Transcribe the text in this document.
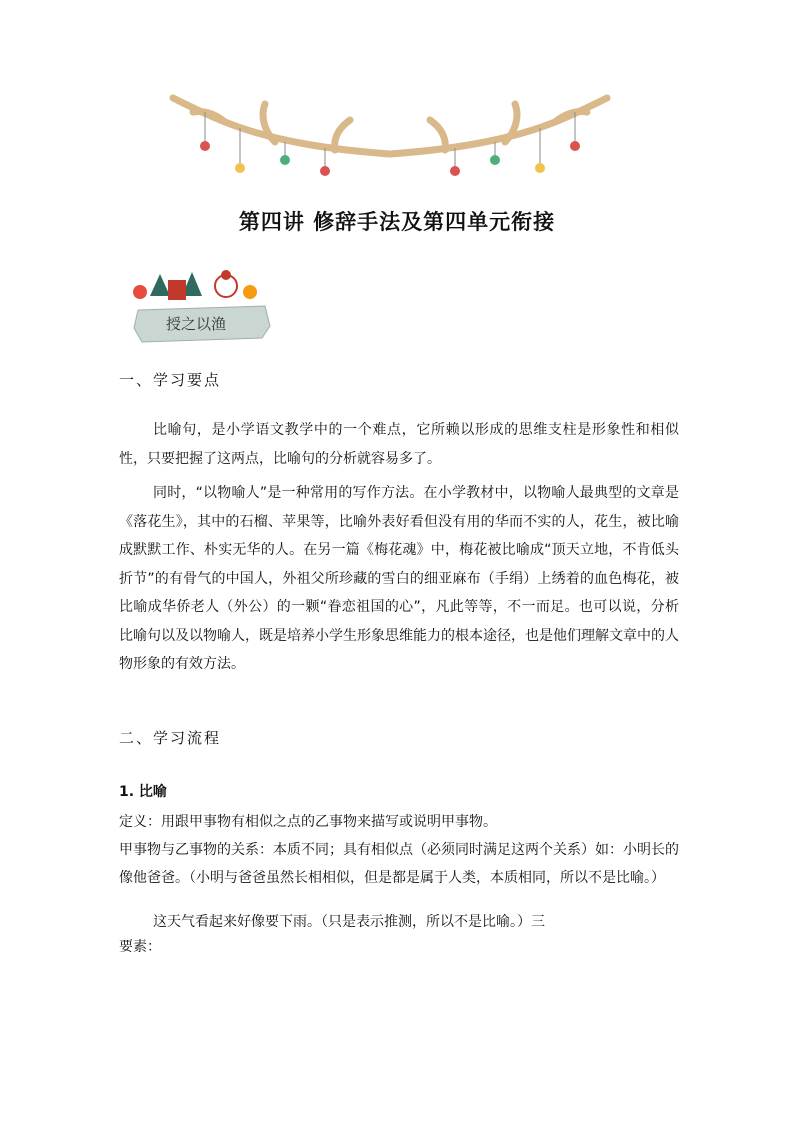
第四讲 修辞手法及第四单元衔接
授之以渔
一、学习要点

比喻句，是小学语文教学中的一个难点，它所赖以形成的思维支柱是形象性和相似性，只要把握了这两点，比喻句的分析就容易多了。

同时，“以物喻人”是一种常用的写作方法。在小学教材中，以物喻人最典型的文章是《落花生》，其中的石榴、苹果等，比喻外表好看但没有用的华而不实的人，花生，被比喻成默默工作、朴实无华的人。在另一篇《梅花魂》中，梅花被比喻成“顶天立地，不肯低头折节”的有骨气的中国人，外祖父所珍藏的雪白的细亚麻布（手绢）上绣着的血色梅花，被比喻成华侨老人（外公）的一颗“眷恋祖国的心”，凡此等等，不一而足。也可以说，分析比喻句以及以物喻人，既是培养小学生形象思维能力的根本途径，也是他们理解文章中的人物形象的有效方法。

二、学习流程
1. 比喻

定义：用跟甲事物有相似之点的乙事物来描写或说明甲事物。

甲事物与乙事物的关系：本质不同；具有相似点（必须同时满足这两个关系）如：小明长的像他爸爸。（小明与爸爸虽然长相相似，但是都是属于人类，本质相同，所以不是比喻。）

这天气看起来好像要下雨。（只是表示推测，所以不是比喻。）三

要素：
